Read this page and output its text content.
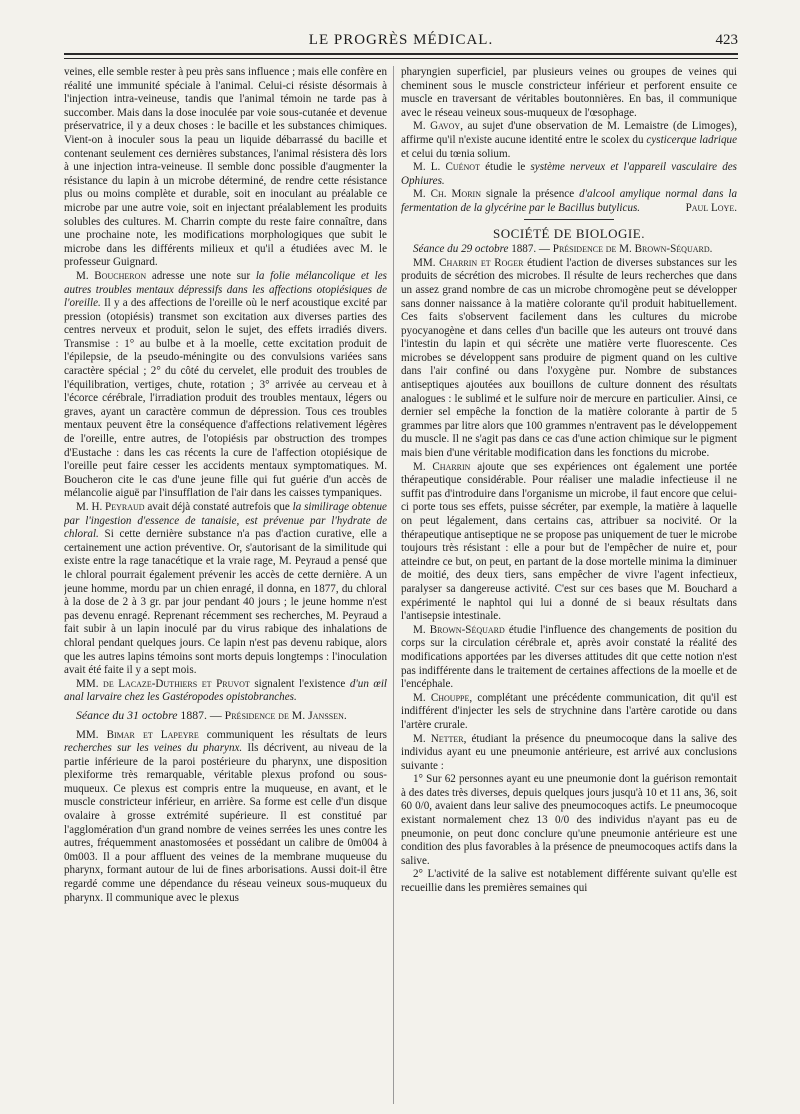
LE PROGRÈS MÉDICAL.	423

veines, elle semble rester à peu près sans influence ; mais elle confère en réalité une immunité spéciale à l'animal. Celui-ci résiste désormais à l'injection intra-veineuse, tandis que l'animal témoin ne tarde pas à succomber. Mais dans la dose inoculée par voie sous-cutanée et devenue préservatrice, il y a deux choses : le bacille et les substances chimiques. Vient-on à inoculer sous la peau un liquide débarrassé du bacille et contenant seulement ces dernières substances, l'animal résistera dès lors à une injection intra-veineuse. Il semble donc possible d'augmenter la résistance du lapin à un microbe déterminé, de rendre cette résistance plus ou moins complète et durable, soit en inoculant au préalable ce microbe par une autre voie, soit en injectant préalablement les produits solubles des cultures. M. Charrin compte du reste faire connaître, dans une prochaine note, les modifications morphologiques que subit le microbe dans les différents milieux et qu'il a étudiées avec M. le professeur Guignard.

M. Boucheron adresse une note sur la folie mélancolique et les autres troubles mentaux dépressifs dans les affections otopiésiques de l'oreille. Il y a des affections de l'oreille où le nerf acoustique excité par pression (otopiésis) transmet son excitation aux diverses parties des centres nerveux et produit, selon le sujet, des effets irradiés divers. Transmise : 1° au bulbe et à la moelle, cette excitation produit de l'épilepsie, de la pseudo-méningite ou des convulsions variées sans caractère spécial ; 2° du côté du cervelet, elle produit des troubles de l'équilibration, vertiges, chute, rotation ; 3° arrivée au cerveau et à l'écorce cérébrale, l'irradiation produit des troubles mentaux, légers ou graves, ayant un caractère commun de dépression. Tous ces troubles mentaux peuvent être la conséquence d'affections relativement légères de l'oreille, entre autres, de l'otopiésis par obstruction des trompes d'Eustache : dans les cas récents la cure de l'affection otopiésique de l'oreille peut faire cesser les accidents mentaux symptomatiques. M. Boucheron cite le cas d'une jeune fille qui fut guérie d'un accès de mélancolie aiguë par l'insufflation de l'air dans les caisses tympaniques.

M. H. Peyraud avait déjà constaté autrefois que la similirage obtenue par l'ingestion d'essence de tanaisie, est prévenue par l'hydrate de chloral. Si cette dernière substance n'a pas d'action curative, elle a certainement une action préventive. Or, s'autorisant de la similitude qui existe entre la rage tanacétique et la vraie rage, M. Peyraud a pensé que le chloral pourrait également prévenir les accès de cette dernière. A un jeune homme, mordu par un chien enragé, il donna, en 1877, du chloral à la dose de 2 à 3 gr. par jour pendant 40 jours ; le jeune homme n'est pas devenu enragé. Reprenant récemment ses recherches, M. Peyraud a fait subir à un lapin inoculé par du virus rabique des inhalations de chloral pendant quelques jours. Ce lapin n'est pas devenu rabique, alors que les autres lapins témoins sont morts depuis longtemps : l'inoculation avait été faite il y a sept mois.

MM. de Lacaze-Duthiers et Pruvot signalent l'existence d'un œil anal larvaire chez les Gastéropodes opistobranches.

Séance du 31 octobre 1887. — Présidence de M. Janssen.

MM. Bimar et Lapeyre communiquent les résultats de leurs recherches sur les veines du pharynx. Ils décrivent, au niveau de la partie inférieure de la paroi postérieure du pharynx, une disposition plexiforme très remarquable, véritable plexus profond ou sous-muqueux. Ce plexus est compris entre la muqueuse, en avant, et le muscle constricteur inférieur, en arrière. Sa forme est celle d'un disque ovalaire à grosse extrémité supérieure. Il est constitué par l'agglomération d'un grand nombre de veines serrées les unes contre les autres, fréquemment anastomosées et possédant un calibre de 0m004 à 0m003. Il a pour affluent des veines de la membrane muqueuse du pharynx, formant autour de lui de fines arborisations. Aussi doit-il être regardé comme une dépendance du réseau veineux sous-muqueux du pharynx. Il communique avec le plexus

pharyngien superficiel, par plusieurs veines ou groupes de veines qui cheminent sous le muscle constricteur inférieur et perforent ensuite ce muscle en traversant de véritables boutonnières. En bas, il communique avec le réseau veineux sous-muqueux de l'œsophage.

M. Gavoy, au sujet d'une observation de M. Lemaistre (de Limoges), affirme qu'il n'existe aucune identité entre le scolex du cysticerque ladrique et celui du tœnia solium.

M. L. Cuénot étudie le système nerveux et l'appareil vasculaire des Ophiures.

M. Ch. Morin signale la présence d'alcool amylique normal dans la fermentation de la glycérine par le Bacillus butylicus.	Paul Loye.

SOCIÉTÉ DE BIOLOGIE.

Séance du 29 octobre 1887. — Présidence de M. Brown-Séquard.

MM. Charrin et Roger étudient l'action de diverses substances sur les produits de sécrétion des microbes. Il résulte de leurs recherches que dans un assez grand nombre de cas un microbe chromogène peut se développer sans donner naissance à la matière colorante qu'il produit habituellement. Ces faits s'observent facilement dans les cultures du microbe pyocyanogène et dans celles d'un bacille que les auteurs ont trouvé dans l'intestin du lapin et qui sécrète une matière verte fluorescente. Ces microbes se développent sans produire de pigment quand on les cultive dans l'air confiné ou dans l'oxygène pur. Nombre de substances antiseptiques ajoutées aux bouillons de culture donnent des résultats analogues : le sublimé et le sulfure noir de mercure en particulier. Ainsi, ce dernier sel empêche la fonction de la matière colorante à partir de 5 grammes par litre alors que 100 grammes n'entravent pas le développement du muscle. Il ne s'agit pas dans ce cas d'une action chimique sur le pigment mais bien d'une véritable modification dans les fonctions du microbe.

M. Charrin ajoute que ses expériences ont également une portée thérapeutique considérable. Pour réaliser une maladie infectieuse il ne suffit pas d'introduire dans l'organisme un microbe, il faut encore que celui-ci porte tous ses effets, puisse sécréter, par exemple, la matière à laquelle on peut légalement, dans certains cas, attribuer sa nocivité. Or la thérapeutique antiseptique ne se propose pas uniquement de tuer le microbe toujours très résistant : elle a pour but de l'empêcher de nuire et, pour atteindre ce but, on peut, en partant de la dose mortelle minima la diminuer de moitié, des deux tiers, sans empêcher de vivre l'agent infectieux, paralyser sa dangereuse activité. C'est sur ces bases que M. Bouchard a expérimenté le naphtol qui lui a donné de si beaux résultats dans l'antisepsie intestinale.

M. Brown-Séquard étudie l'influence des changements de position du corps sur la circulation cérébrale et, après avoir constaté la réalité des modifications apportées par les diverses attitudes dit que cette notion n'est pas indifférente dans le traitement de certaines affections de la moelle et de l'encéphale.

M. Chouppe, complétant une précédente communication, dit qu'il est indifférent d'injecter les sels de strychnine dans l'artère carotide ou dans l'artère crurale.

M. Netter, étudiant la présence du pneumocoque dans la salive des individus ayant eu une pneumonie antérieure, est arrivé aux conclusions suivante :

1° Sur 62 personnes ayant eu une pneumonie dont la guérison remontait à des dates très diverses, depuis quelques jours jusqu'à 10 et 11 ans, 36, soit 60 0/0, avaient dans leur salive des pneumocoques actifs. Le pneumocoque existant normalement chez 13 0/0 des individus n'ayant pas eu de pneumonie, on peut donc conclure qu'une pneumonie antérieure est une condition des plus favorables à la présence de pneumocoques actifs dans la salive.

2° L'activité de la salive est notablement différente suivant qu'elle est recueillie dans les premières semaines qui
